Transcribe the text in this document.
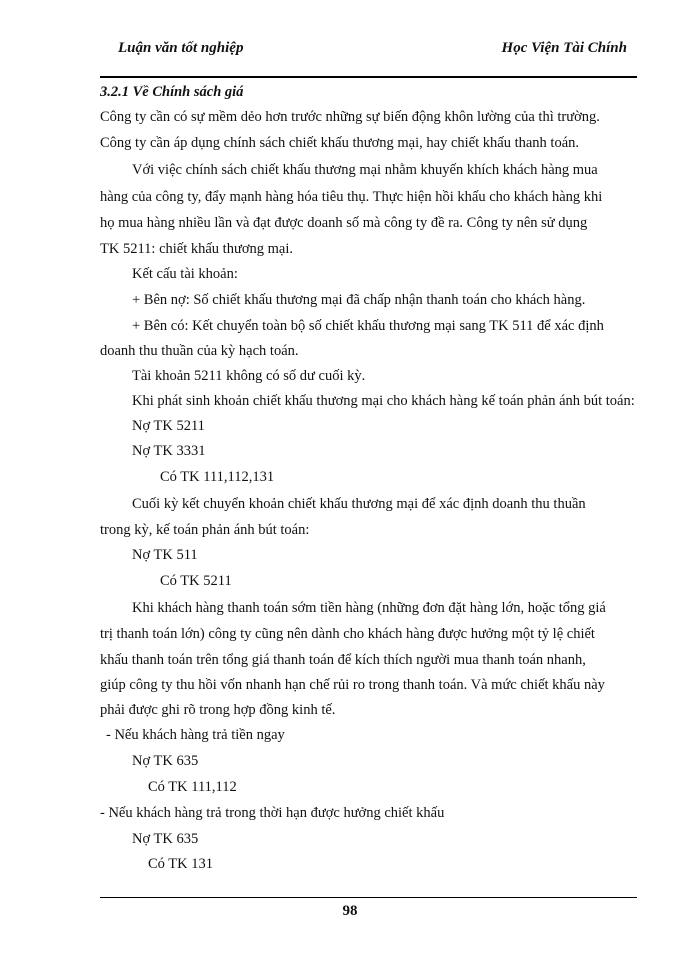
Luận văn tốt nghiệp	Học Viện Tài Chính
3.2.1 Về Chính sách giá
Công ty cần có sự mềm dẻo hơn trước những sự biến động khôn lường của thì trường.
Công ty cần áp dụng chính sách chiết khấu thương mại, hay chiết khấu thanh toán.
Với việc chính sách chiết khấu thương mại nhằm khuyến khích khách hàng mua
hàng của công ty, đẩy mạnh hàng hóa tiêu thụ. Thực hiện hồi khấu cho khách hàng khi
họ mua hàng nhiều lần và đạt được doanh số mà công ty đề ra. Công ty nên sử dụng
TK 5211: chiết khấu thương mại.
Kết cấu tài khoản:
+ Bên nợ: Số chiết khấu thương mại đã chấp nhận thanh toán cho khách hàng.
+ Bên có: Kết chuyển toàn bộ số chiết khấu thương mại sang TK 511 để xác định
doanh thu thuần của kỳ hạch toán.
Tài khoản 5211 không có số dư cuối kỳ.
Khi phát sinh khoản chiết khấu thương mại cho khách hàng kế toán phản ánh bút toán:
Nợ TK 5211
Nợ TK 3331
Có TK 111,112,131
Cuối kỳ kết chuyển khoản chiết khấu thương mại để xác định doanh thu thuần
trong kỳ, kế toán phản ánh bút toán:
Nợ TK 511
Có TK 5211
Khi khách hàng thanh toán sớm tiền hàng (những đơn đặt hàng lớn, hoặc tổng giá
trị thanh toán lớn) công ty cũng nên dành cho khách hàng được hưởng một tỷ lệ chiết
khấu thanh toán trên tổng giá thanh toán để kích thích người mua thanh toán nhanh,
giúp công ty thu hồi vốn nhanh hạn chế rủi ro trong thanh toán. Và mức chiết khấu này
phải được ghi rõ trong hợp đồng kinh tế.
- Nếu khách hàng trả tiền ngay
Nợ TK 635
Có TK 111,112
- Nếu khách hàng trả trong thời hạn được hưởng chiết khấu
Nợ TK 635
Có TK 131
98
